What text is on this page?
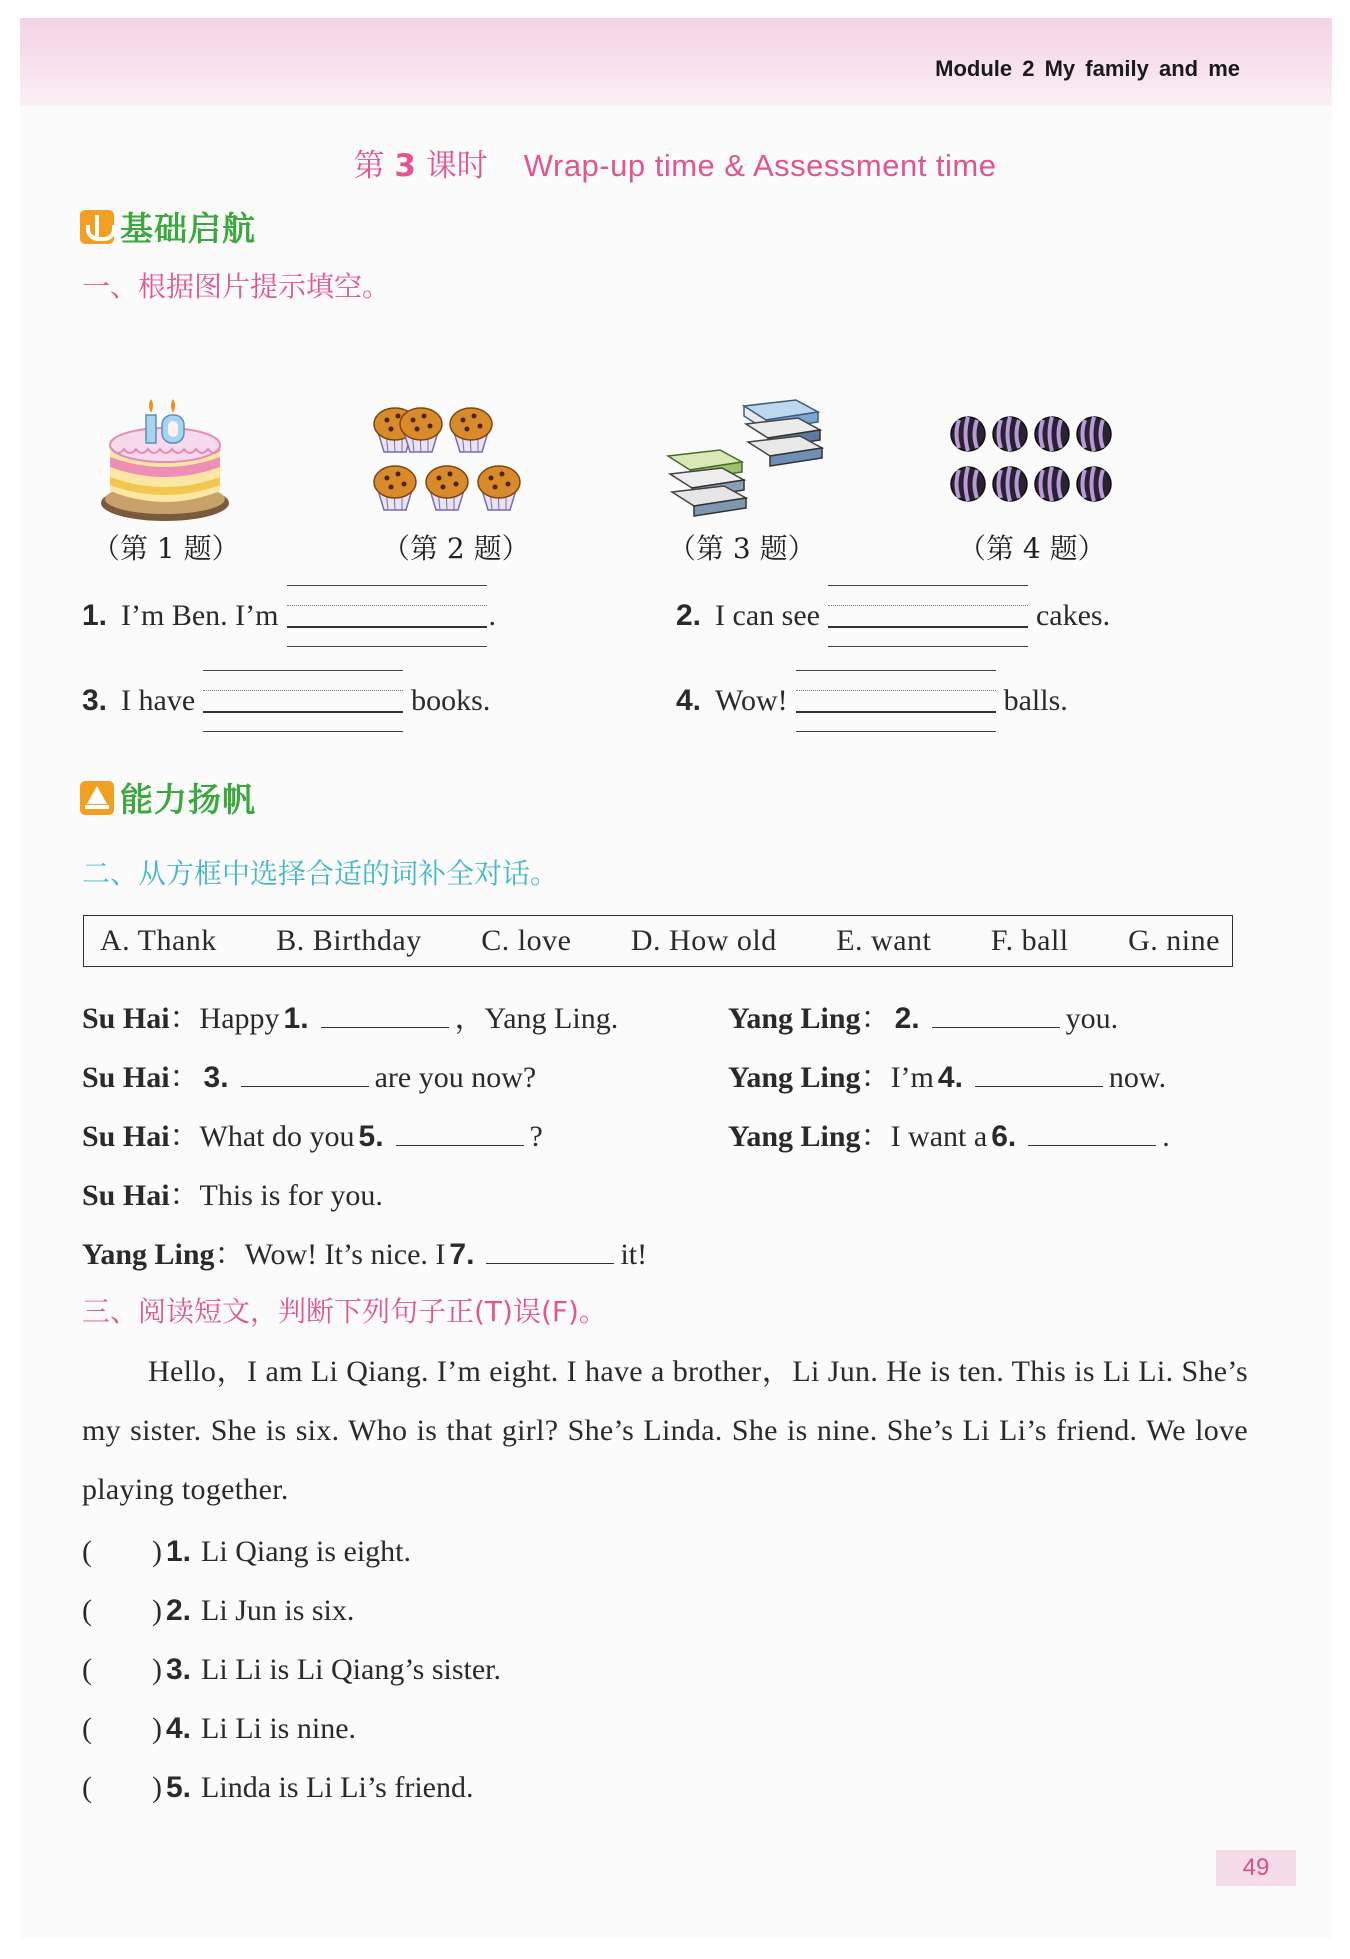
Module 2 My family and me
第 3 课时 Wrap-up time & Assessment time
基础启航
一、根据图片提示填空。
（第 1 题）	（第 2 题）	（第 3 题）	（第 4 题）
1. I’m Ben. I’m	.	2. I can see	cakes.
3. I have	books.	4. Wow!	balls.
能力扬帆
二、从方框中选择合适的词补全对话。
A. Thank B. Birthday C. love D. How old E. want F. ball G. nine
Su Hai：Happy 1.	，Yang Ling.	Yang Ling： 2.	you.
Su Hai： 3.	are you now?	Yang Ling：I’m 4.	now.
Su Hai：What do you 5.	?	Yang Ling：I want a 6.	.
Su Hai：This is for you.
Yang Ling：Wow! It’s nice. I 7.	it!
三、阅读短文，判断下列句子正(T)误(F)。
Hello，I am Li Qiang. I’m eight. I have a brother，Li Jun. He is ten. This is Li Li. She’s my sister. She is six. Who is that girl? She’s Linda. She is nine. She’s Li Li’s friend. We love playing together.
(　　) 1. Li Qiang is eight.
(　　) 2. Li Jun is six.
(　　) 3. Li Li is Li Qiang’s sister.
(　　) 4. Li Li is nine.
(　　) 5. Linda is Li Li’s friend.
49
